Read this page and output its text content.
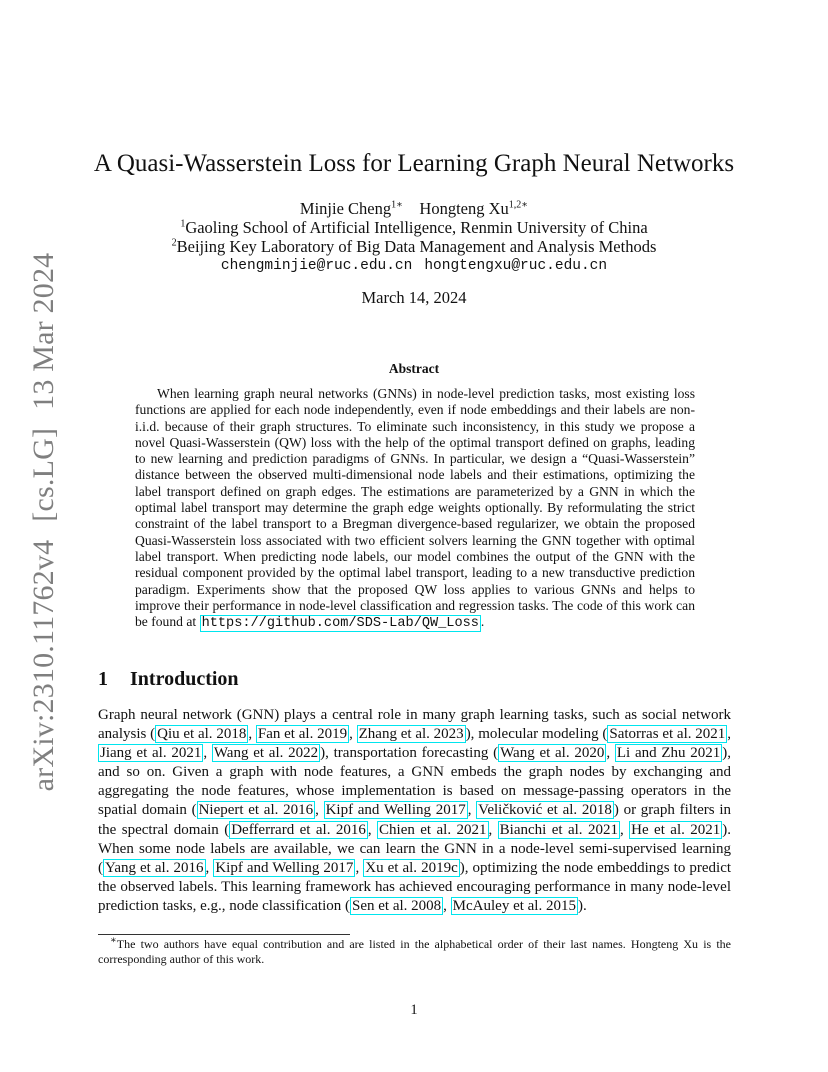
arXiv:2310.11762v4[cs.LG]13 Mar 2024
A Quasi-Wasserstein Loss for Learning Graph Neural Networks
Minjie Cheng$^{1∗}$ Hongteng $Xu^{1,2∗}$
$^1$Gaoling School of Artificial Intelligence, Renmin University of China
$^2$Beijing Key Laboratory of Big Data Management and Analysis Methods
chengminjie@ruc.edu.cn hongtengxu@ruc.edu.cn
March 14, 2024
Abstract
When learning graph neural networks (GNNs) in node-level prediction tasks, most existing loss functions are applied for each node independently, even if node embeddings and their labels are non-i.i.d. because of their graph structures. To eliminate such inconsistency, in this study we propose a novel Quasi-Wasserstein (QW) loss with the help of the optimal transport defined on graphs, leading to new learning and prediction paradigms of GNNs. In particular, we design a “Quasi-Wasserstein” distance between the observed multi-dimensional node labels and their estimations, optimizing the label transport defined on graph edges. The estimations are parameterized by a GNN in which the optimal label transport may determine the graph edge weights optionally. By reformulating the strict constraint of the label transport to a Bregman divergence-based regularizer, we obtain the proposed Quasi-Wasserstein loss associated with two efficient solvers learning the GNN together with optimal label transport. When predicting node labels, our model combines the output of the GNN with the residual component provided by the optimal label transport, leading to a new transductive prediction paradigm. Experiments show that the proposed QW loss applies to various GNNs and helps to improve their performance in node-level classification and regression tasks. The code of this work can be found at https://github.com/SDS-Lab/QW_Loss .
1 Introduction
Graph neural network (GNN) plays a central role in many graph learning tasks, such as social network analysis ( Qiu et al. 2018 , Fan et al. 2019 , Zhang et al. 2023 ), molecular modeling ( Satorras et al. 2021 , Jiang et al. 2021 , Wang et al. 2022 ), transportation forecasting ( Wang et al. 2020 , Li and Zhu 2021 ), and so on. Given a graph with node features, a GNN embeds the graph nodes by exchanging and aggregating the node features, whose implementation is based on message-passing operators in the spatial domain ( Niepert et al. 2016 , Kipf and Welling 2017 , Veličković et al. 2018 ) or graph filters in the spectral domain ( Defferrard et al. 2016 , Chien et al. 2021 , Bianchi et al. 2021 , He et al. 2021 ). When some node labels are available, we can learn the GNN in a node-level semi-supervised learning ( Yang et al. 2016 , Kipf and Welling 2017 , Xu et al. 2019c ), optimizing the node embeddings to predict the observed labels. This learning framework has achieved encouraging performance in many node-level prediction tasks, e.g., node classification ( Sen et al. 2008 , McAuley et al. 2015 ).
∗The two authors have equal contribution and are listed in the alphabetical order of their last names. Hongteng Xu is the corresponding author of this work.
1
